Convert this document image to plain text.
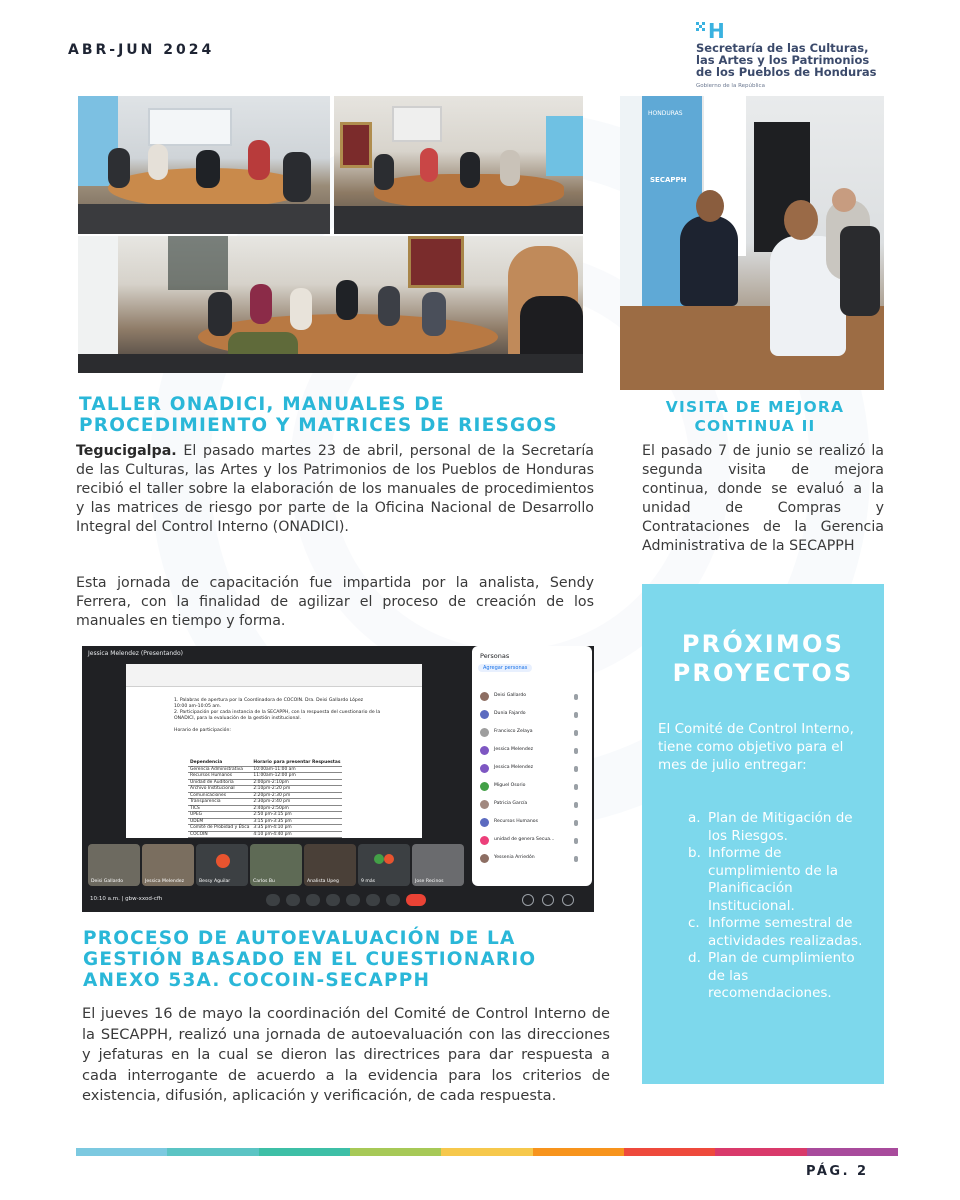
ABR-JUN 2024
H
Secretaría de las Culturas,
las Artes y los Patrimonios
de los Pueblos de Honduras
Gobierno de la República
HONDURAS
SECAPPH
TALLER ONADICI, MANUALES DE
PROCEDIMIENTO Y MATRICES DE RIESGOS

Tegucigalpa. El pasado martes 23 de abril, personal de la Secretaría de las Culturas, las Artes y los Patrimonios de los Pueblos de Honduras recibió el taller sobre la elaboración de los manuales de procedimientos y las matrices de riesgo por parte de la Oficina Nacional de Desarrollo Integral del Control Interno (ONADICI).

Esta jornada de capacitación fue impartida por la analista, Sendy Ferrera, con la finalidad de agilizar el proceso de creación de los manuales en tiempo y forma.

VISITA DE MEJORA
CONTINUA II

El pasado 7 de junio se realizó la segunda visita de mejora continua, donde se evaluó a la unidad de Compras y Contrataciones de la Gerencia Administrativa de la SECAPPH

PRÓXIMOS
PROYECTOS
El Comité de Control Interno, tiene como objetivo para el mes de julio entregar:
a. Plan de Mitigación de los Riesgos.
b. Informe de cumplimiento de la Planificación Institucional.
c. Informe semestral de actividades realizadas.
d. Plan de cumplimiento de las recomendaciones.
Jessica Melendez (Presentando)
1. Palabras de apertura por la Coordinadora de COCOIN. Dra. Deisi Gallardo López
10:00 am-10:05 am.
2. Participación por cada instancia de la SECAPPH, con la respuesta del cuestionario de la
ONADICI, para la evaluación de la gestión institucional.

Horario de participación:
Dependencia	Horario para presentar Respuestas
Gerencia Administrativa	10:00am-11:00 am
Recursos Humanos	11:00am-12:00 pm
Unidad de Auditoría	2:00pm-2:10pm
Archivo Institucional	2:10pm-2:20 pm
Comunicaciones	2:20pm-2:30 pm
Transparencia	2:30pm-2:40 pm
TICS	2:40pm-2:50pm
UPEG	2:50 pm-3:15 pm
UDEM	3:15 pm-3:35 pm
Comité de Probidad y Ética	3:35 pm-4:10 pm
COCOIN	4:10 pm-4:40 pm
Personas
Agregar personas
Deisi Gallardo
Dunia Fajardo
Francisco Zelaya
Jessica Melendez
Jessica Melendez
Miguel Osorio
Patricia García
Recursos Humanos
unidad de genera Secua...
Yessenia Arriedón
Deisi Gallardo	Jessica Melendez	Bessy Aguilar	Carlos Bu	Analista Upeg	9 más	Jose Recinos
10:10 a.m. | gbw-xxod-cfh
PROCESO DE AUTOEVALUACIÓN DE LA
GESTIÓN BASADO EN EL CUESTIONARIO
ANEXO 53A. COCOIN-SECAPPH

El jueves 16 de mayo la coordinación del Comité de Control Interno de la SECAPPH, realizó una jornada de autoevaluación con las direcciones y jefaturas en la cual se dieron las directrices para dar respuesta a cada interrogante de acuerdo a la evidencia para los criterios de existencia, difusión, aplicación y verificación, de cada respuesta.

PÁG. 2
